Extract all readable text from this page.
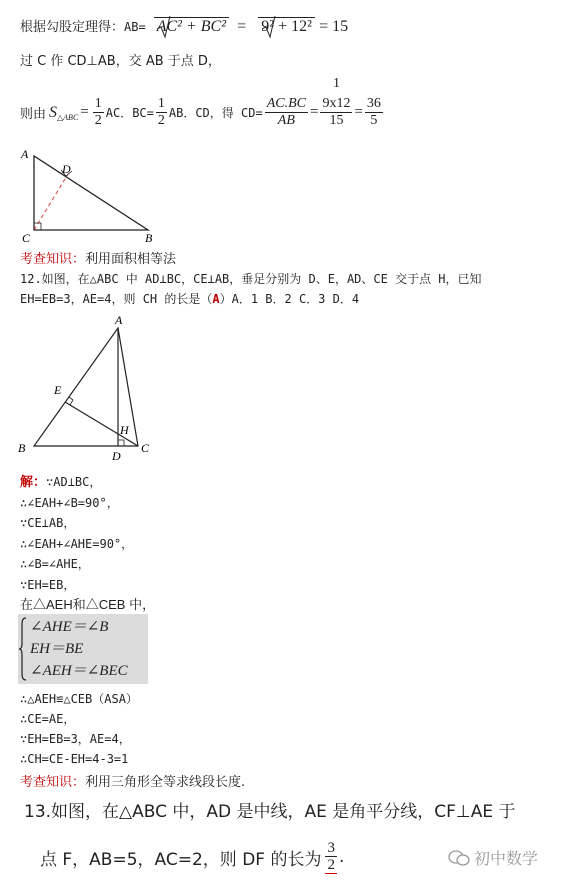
根据勾股定理得：AB= AC² + BC² = 9² + 12² = 15
过 C 作 CD⊥AB，交 AB 于点 D，
1
则由 S △ABC = $\frac{1}{2}$ AC．$BC= \frac{1}{2}$ AB．CD，得 $CD= \frac{AC.BC}{AB} = \frac{9x12}{15} = \frac{36}{5}$
A
D
C	B
考查知识：利用面积相等法
12.如图，在△ABC 中 AD⊥BC，CE⊥AB，垂足分别为 D、E，AD、CE 交于点 H，已知
EH=EB=3，AE=4，则 CH 的长是（A）A．1 B．2 C．3 D．4
A
E
H
B
D
C
解：∵AD⊥BC，
∴∠EAH+∠B=90°，
∵CE⊥AB，
∴∠EAH+∠AHE=90°，
∴∠B=∠AHE，
∵EH=EB，
在△AEH和△CEB 中，
∠AHE＝∠B
EH＝BE
∠AEH＝∠BEC
∴△AEH≌△CEB（ASA）
∴CE=AE，
∵EH=EB=3，AE=4，
∴CH=CE-EH=4-3=1
考查知识：利用三角形全等求线段长度.
13.如图，在△ABC 中，AD 是中线，AE 是角平分线，CF⊥AE 于
点 F，AB=5，AC=2，则 DF 的长为 $\frac{3}{2}$ .	初中数学
